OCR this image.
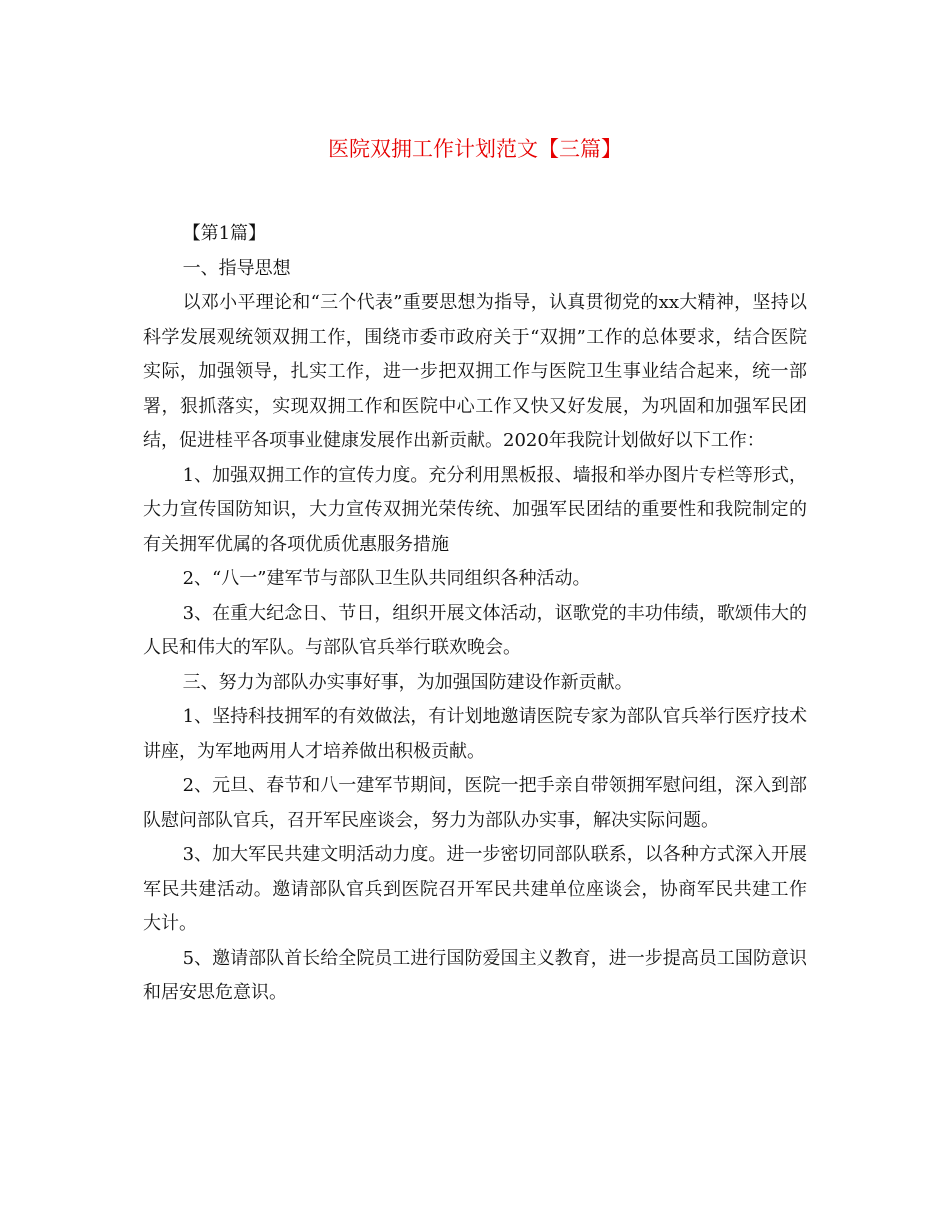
医院双拥工作计划范文【三篇】

【第1篇】

一、指导思想

以邓小平理论和“三个代表”重要思想为指导，认真贯彻党的xx大精神，坚持以科学发展观统领双拥工作，围绕市委市政府关于“双拥”工作的总体要求，结合医院实际，加强领导，扎实工作，进一步把双拥工作与医院卫生事业结合起来，统一部署，狠抓落实，实现双拥工作和医院中心工作又快又好发展，为巩固和加强军民团结，促进桂平各项事业健康发展作出新贡献。2020年我院计划做好以下工作：

1、加强双拥工作的宣传力度。充分利用黑板报、墙报和举办图片专栏等形式，大力宣传国防知识，大力宣传双拥光荣传统、加强军民团结的重要性和我院制定的有关拥军优属的各项优质优惠服务措施

2、“八一”建军节与部队卫生队共同组织各种活动。

3、在重大纪念日、节日，组织开展文体活动，讴歌党的丰功伟绩，歌颂伟大的人民和伟大的军队。与部队官兵举行联欢晚会。

三、努力为部队办实事好事，为加强国防建设作新贡献。

1、坚持科技拥军的有效做法，有计划地邀请医院专家为部队官兵举行医疗技术讲座，为军地两用人才培养做出积极贡献。

2、元旦、春节和八一建军节期间，医院一把手亲自带领拥军慰问组，深入到部队慰问部队官兵，召开军民座谈会，努力为部队办实事，解决实际问题。

3、加大军民共建文明活动力度。进一步密切同部队联系，以各种方式深入开展军民共建活动。邀请部队官兵到医院召开军民共建单位座谈会，协商军民共建工作大计。

5、邀请部队首长给全院员工进行国防爱国主义教育，进一步提高员工国防意识和居安思危意识。
